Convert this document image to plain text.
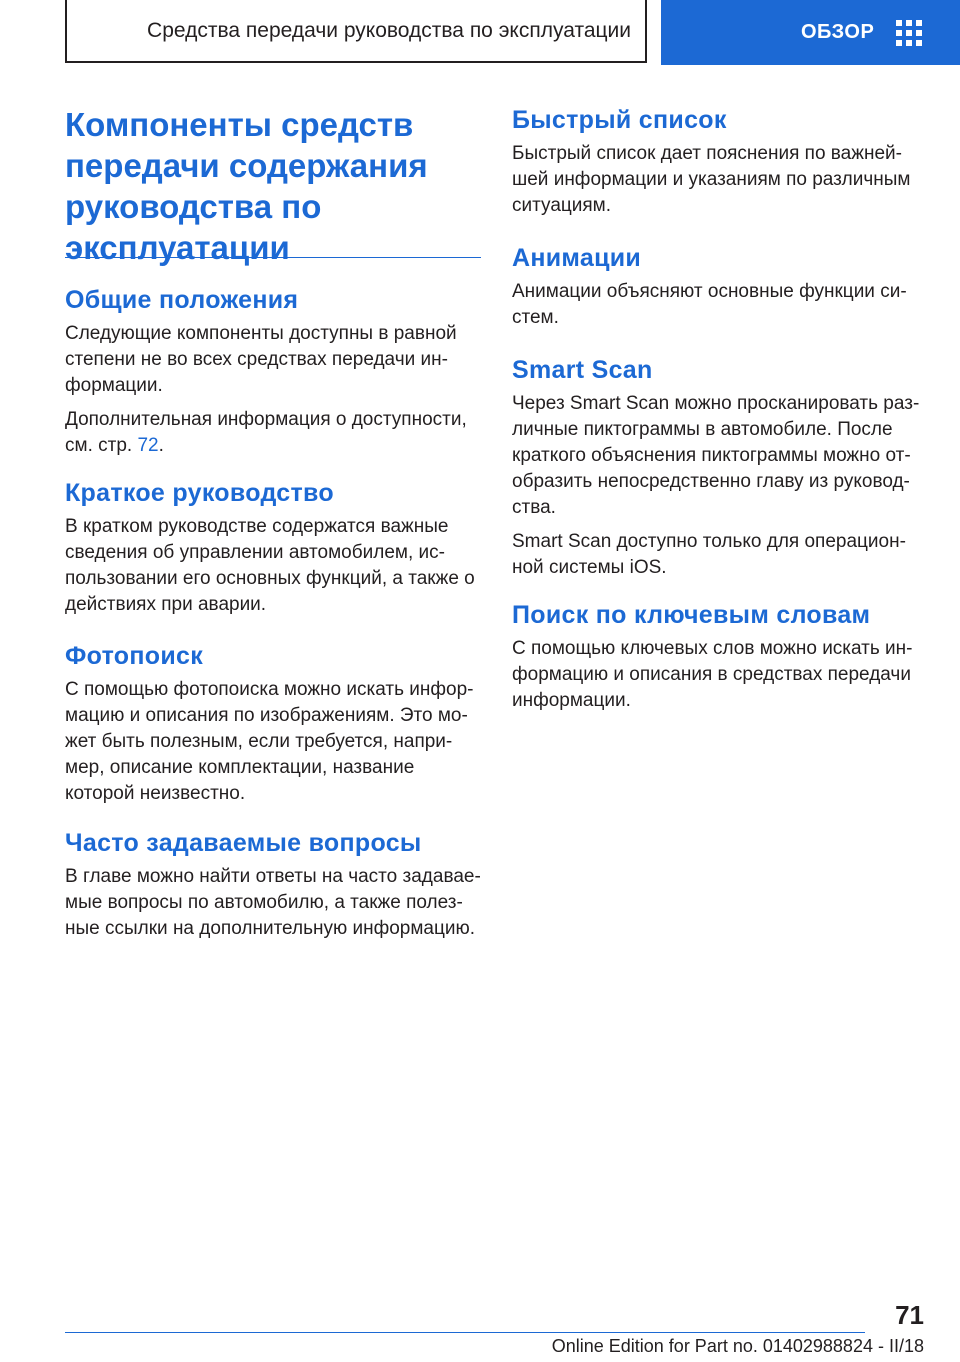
Средства передачи руководства по эксплуатации	ОБЗОР
Компоненты средств
передачи содержания
руководства по
эксплуатации
Общие положения

Следующие компоненты доступны в равной
степени не во всех средствах передачи ин-
формации.

Дополнительная информация о доступности,
см. стр. 72.

Краткое руководство

В кратком руководстве содержатся важные
сведения об управлении автомобилем, ис-
пользовании его основных функций, а также о
действиях при аварии.

Фотопоиск

С помощью фотопоиска можно искать инфор-
мацию и описания по изображениям. Это мо-
жет быть полезным, если требуется, напри-
мер, описание комплектации, название
которой неизвестно.

Часто задаваемые вопросы

В главе можно найти ответы на часто задавае-
мые вопросы по автомобилю, а также полез-
ные ссылки на дополнительную информацию.

Быстрый список

Быстрый список дает пояснения по важней-
шей информации и указаниям по различным
ситуациям.

Анимации

Анимации объясняют основные функции си-
стем.

Smart Scan

Через Smart Scan можно просканировать раз-
личные пиктограммы в автомобиле. После
краткого объяснения пиктограммы можно от-
образить непосредственно главу из руковод-
ства.

Smart Scan доступно только для операцион-
ной системы iOS.

Поиск по ключевым словам

С помощью ключевых слов можно искать ин-
формацию и описания в средствах передачи
информации.

71
Online Edition for Part no. 01402988824 - II/18
